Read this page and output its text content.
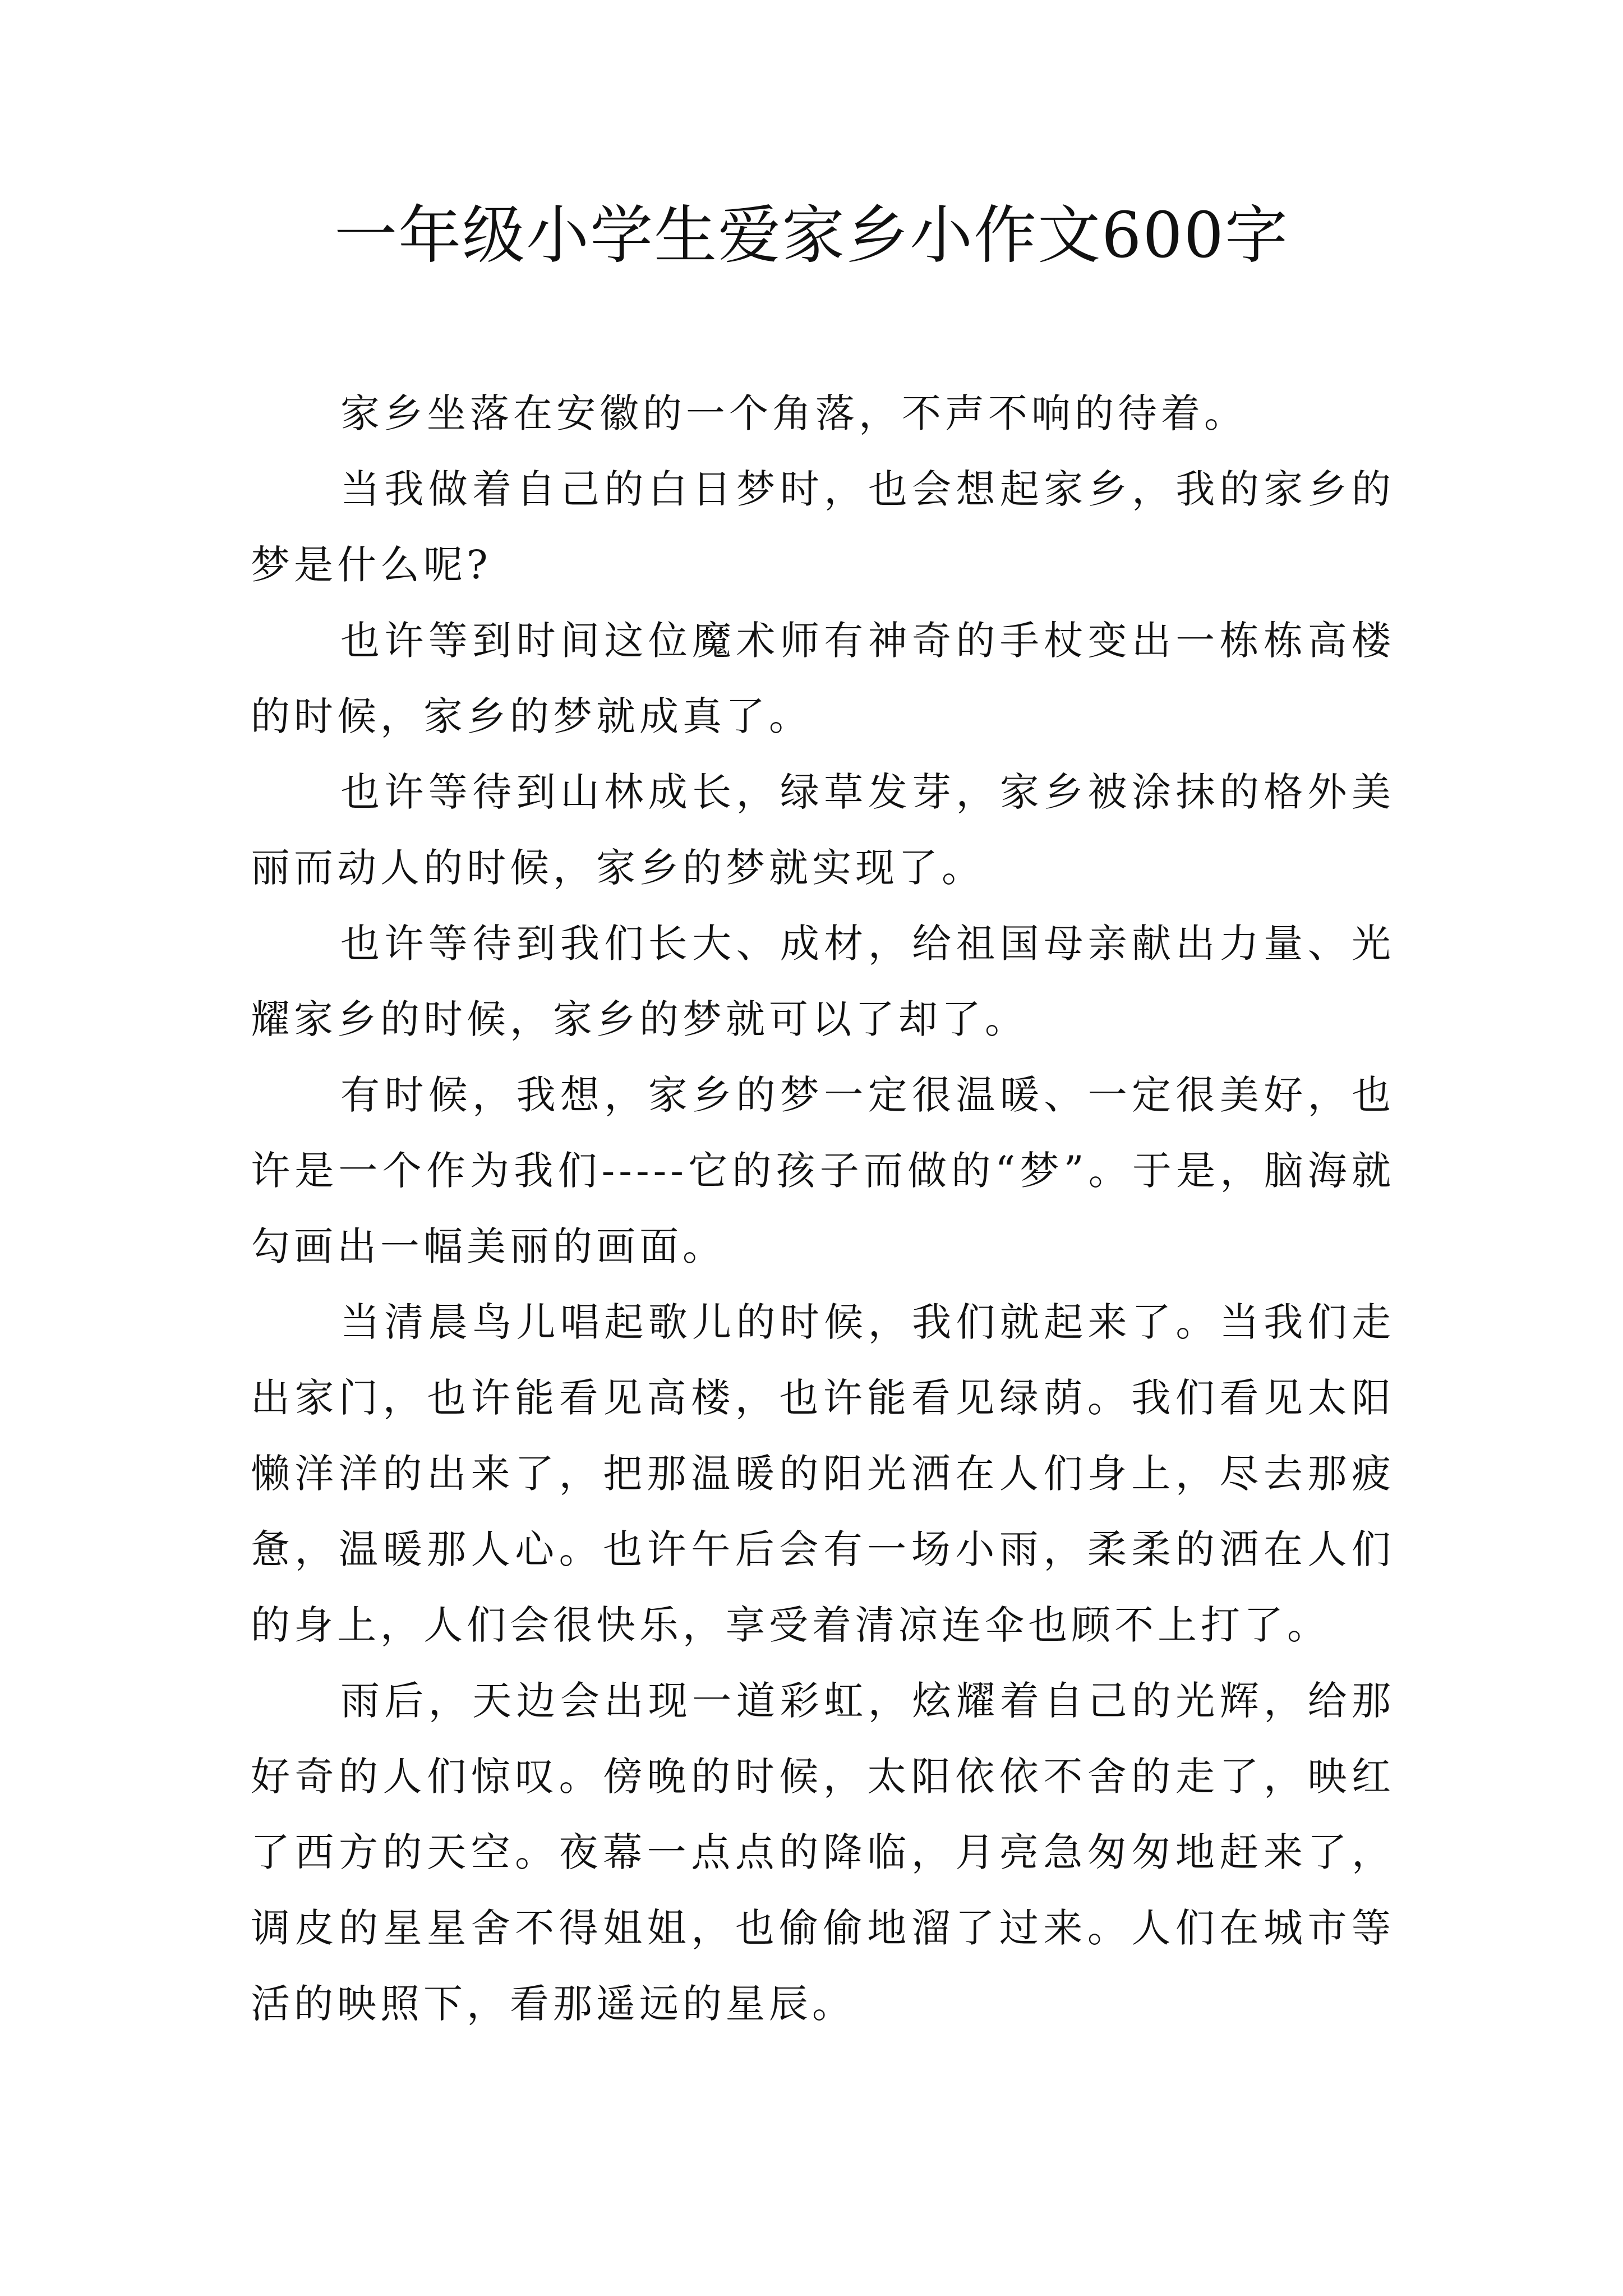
一年级小学生爱家乡小作文600字

家乡坐落在安徽的一个角落，不声不响的待着。

当我做着自己的白日梦时，也会想起家乡，我的家乡的梦是什么呢?

也许等到时间这位魔术师有神奇的手杖变出一栋栋高楼的时候，家乡的梦就成真了。

也许等待到山林成长，绿草发芽，家乡被涂抹的格外美丽而动人的时候，家乡的梦就实现了。

也许等待到我们长大、成材，给祖国母亲献出力量、光耀家乡的时候，家乡的梦就可以了却了。

有时候，我想，家乡的梦一定很温暖、一定很美好，也许是一个作为我们-----它的孩子而做的“梦”。于是，脑海就勾画出一幅美丽的画面。

当清晨鸟儿唱起歌儿的时候，我们就起来了。当我们走出家门，也许能看见高楼，也许能看见绿荫。我们看见太阳懒洋洋的出来了，把那温暖的阳光洒在人们身上，尽去那疲惫，温暖那人心。也许午后会有一场小雨，柔柔的洒在人们的身上，人们会很快乐，享受着清凉连伞也顾不上打了。

雨后，天边会出现一道彩虹，炫耀着自己的光辉，给那好奇的人们惊叹。傍晚的时候，太阳依依不舍的走了，映红了西方的天空。夜幕一点点的降临，月亮急匆匆地赶来了，调皮的星星舍不得姐姐，也偷偷地溜了过来。人们在城市等活的映照下，看那遥远的星辰。
